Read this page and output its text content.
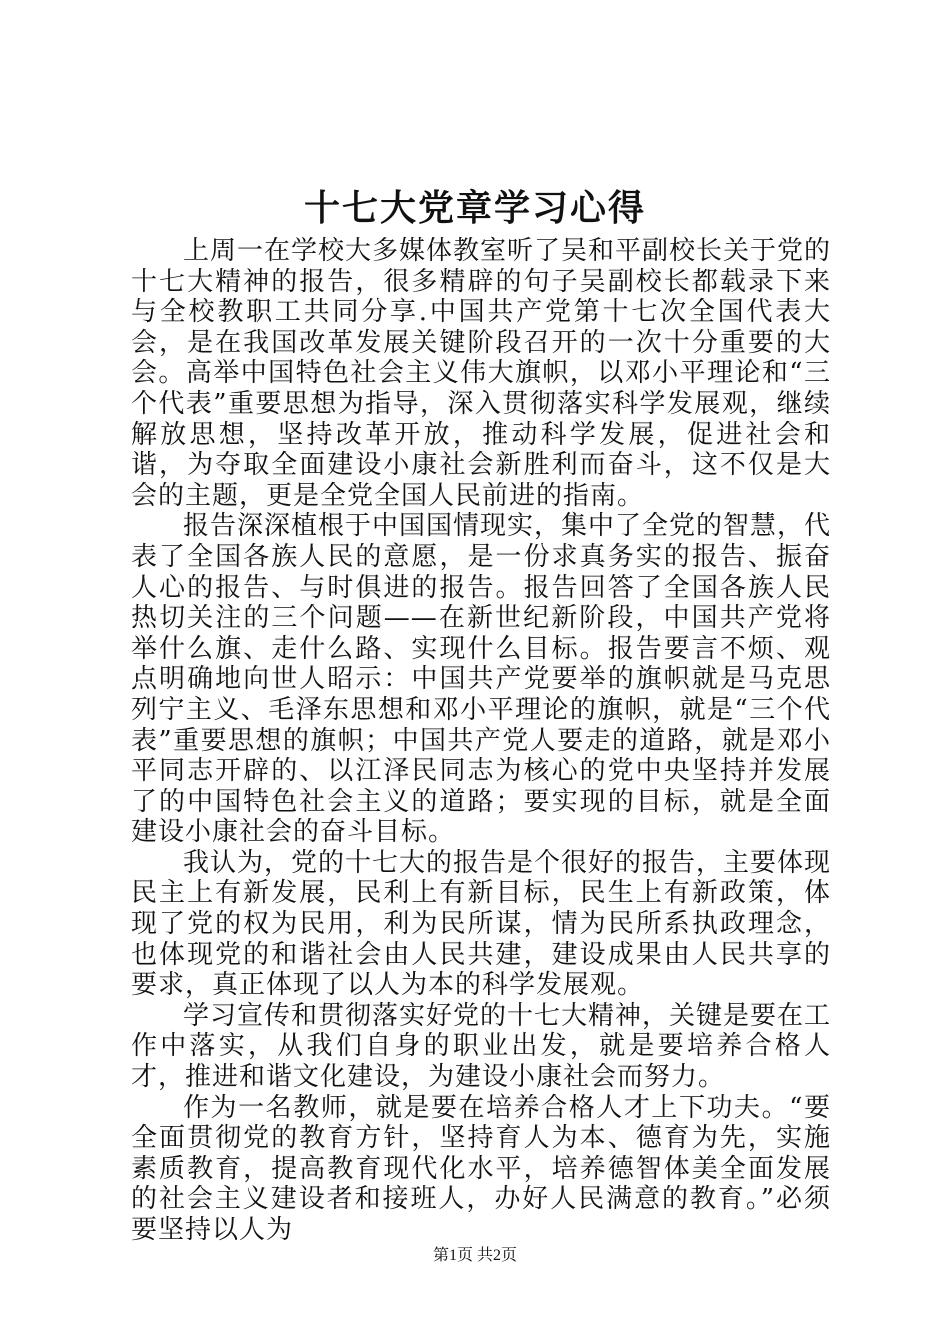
十七大党章学习心得

上周一在学校大多媒体教室听了吴和平副校长关于党的十七大精神的报告，很多精辟的句子吴副校长都载录下来与全校教职工共同分享.中国共产党第十七次全国代表大会，是在我国改革发展关键阶段召开的一次十分重要的大会。高举中国特色社会主义伟大旗帜，以邓小平理论和“三个代表”重要思想为指导，深入贯彻落实科学发展观，继续解放思想，坚持改革开放，推动科学发展，促进社会和谐，为夺取全面建设小康社会新胜利而奋斗，这不仅是大会的主题，更是全党全国人民前进的指南。

报告深深植根于中国国情现实，集中了全党的智慧，代表了全国各族人民的意愿，是一份求真务实的报告、振奋人心的报告、与时俱进的报告。报告回答了全国各族人民热切关注的三个问题——在新世纪新阶段，中国共产党将举什么旗、走什么路、实现什么目标。报告要言不烦、观点明确地向世人昭示：中国共产党要举的旗帜就是马克思列宁主义、毛泽东思想和邓小平理论的旗帜，就是“三个代表”重要思想的旗帜；中国共产党人要走的道路，就是邓小平同志开辟的、以江泽民同志为核心的党中央坚持并发展了的中国特色社会主义的道路；要实现的目标，就是全面建设小康社会的奋斗目标。

我认为，党的十七大的报告是个很好的报告，主要体现民主上有新发展，民利上有新目标，民生上有新政策，体现了党的权为民用，利为民所谋，情为民所系执政理念，也体现党的和谐社会由人民共建，建设成果由人民共享的要求，真正体现了以人为本的科学发展观。

学习宣传和贯彻落实好党的十七大精神，关键是要在工作中落实，从我们自身的职业出发，就是要培养合格人才，推进和谐文化建设，为建设小康社会而努力。

作为一名教师，就是要在培养合格人才上下功夫。“要全面贯彻党的教育方针，坚持育人为本、德育为先，实施素质教育，提高教育现代化水平，培养德智体美全面发展的社会主义建设者和接班人，办好人民满意的教育。”必须要坚持以人为

第1页 共2页
